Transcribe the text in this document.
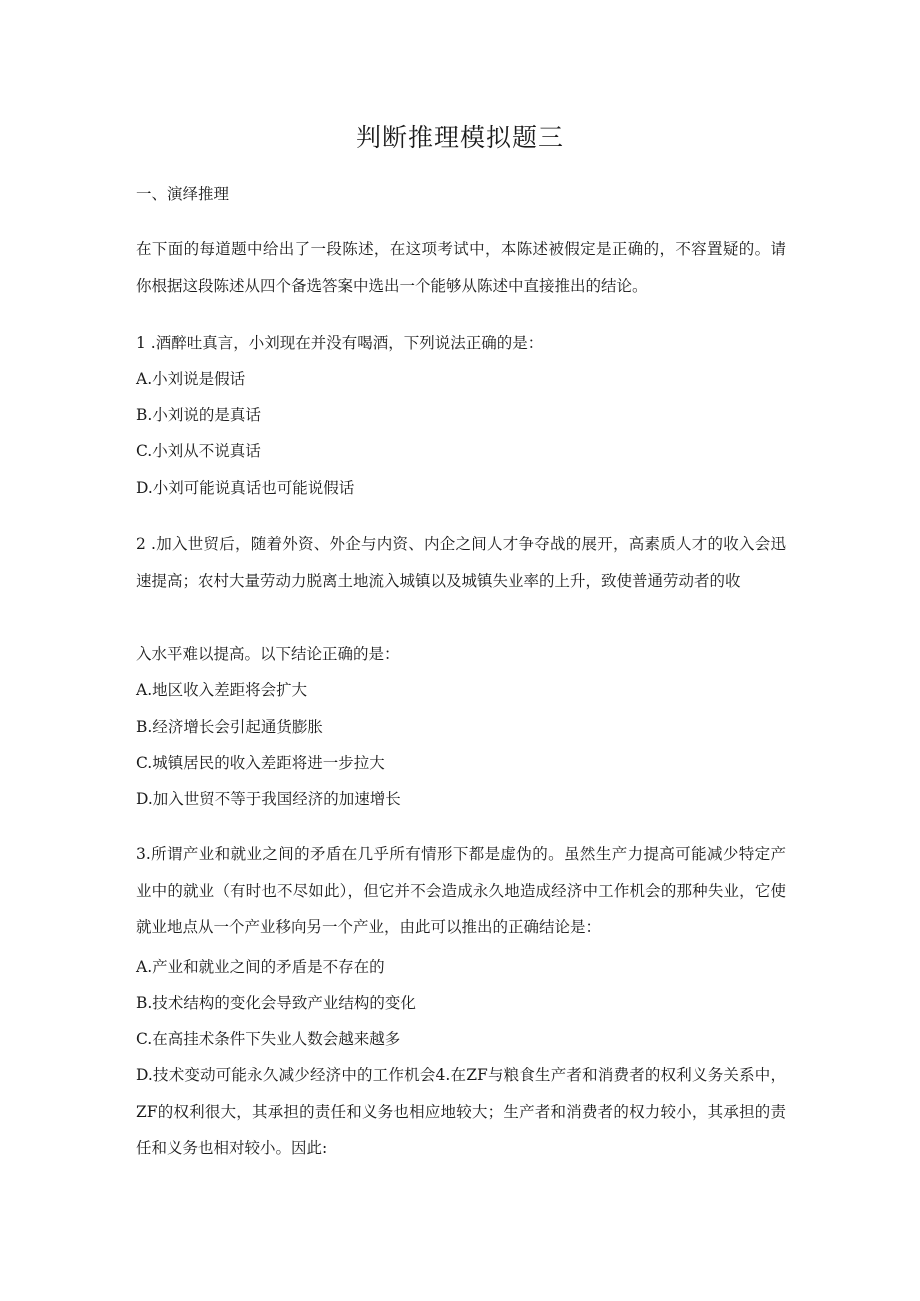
判断推理模拟题三

一、演绎推理

在下面的每道题中给出了一段陈述，在这项考试中，本陈述被假定是正确的，不容置疑的。请你根据这段陈述从四个备选答案中选出一个能够从陈述中直接推出的结论。

1 .酒醉吐真言，小刘现在并没有喝酒，下列说法正确的是：

A.小刘说是假话

B.小刘说的是真话

C.小刘从不说真话

D.小刘可能说真话也可能说假话

2 .加入世贸后，随着外资、外企与内资、内企之间人才争夺战的展开，高素质人才的收入会迅速提高；农村大量劳动力脱离土地流入城镇以及城镇失业率的上升，致使普通劳动者的收

入水平难以提高。以下结论正确的是：

A.地区收入差距将会扩大

B.经济增长会引起通货膨胀

C.城镇居民的收入差距将进一步拉大

D.加入世贸不等于我国经济的加速增长

3.所谓产业和就业之间的矛盾在几乎所有情形下都是虚伪的。虽然生产力提高可能减少特定产业中的就业（有时也不尽如此），但它并不会造成永久地造成经济中工作机会的那种失业，它使就业地点从一个产业移向另一个产业，由此可以推出的正确结论是：

A.产业和就业之间的矛盾是不存在的

B.技术结构的变化会导致产业结构的变化

C.在高挂术条件下失业人数会越来越多

D.技术变动可能永久减少经济中的工作机会4.在ZF与粮食生产者和消费者的权利义务关系中，ZF的权利很大，其承担的责任和义务也相应地较大；生产者和消费者的权力较小，其承担的责任和义务也相对较小。因此:
